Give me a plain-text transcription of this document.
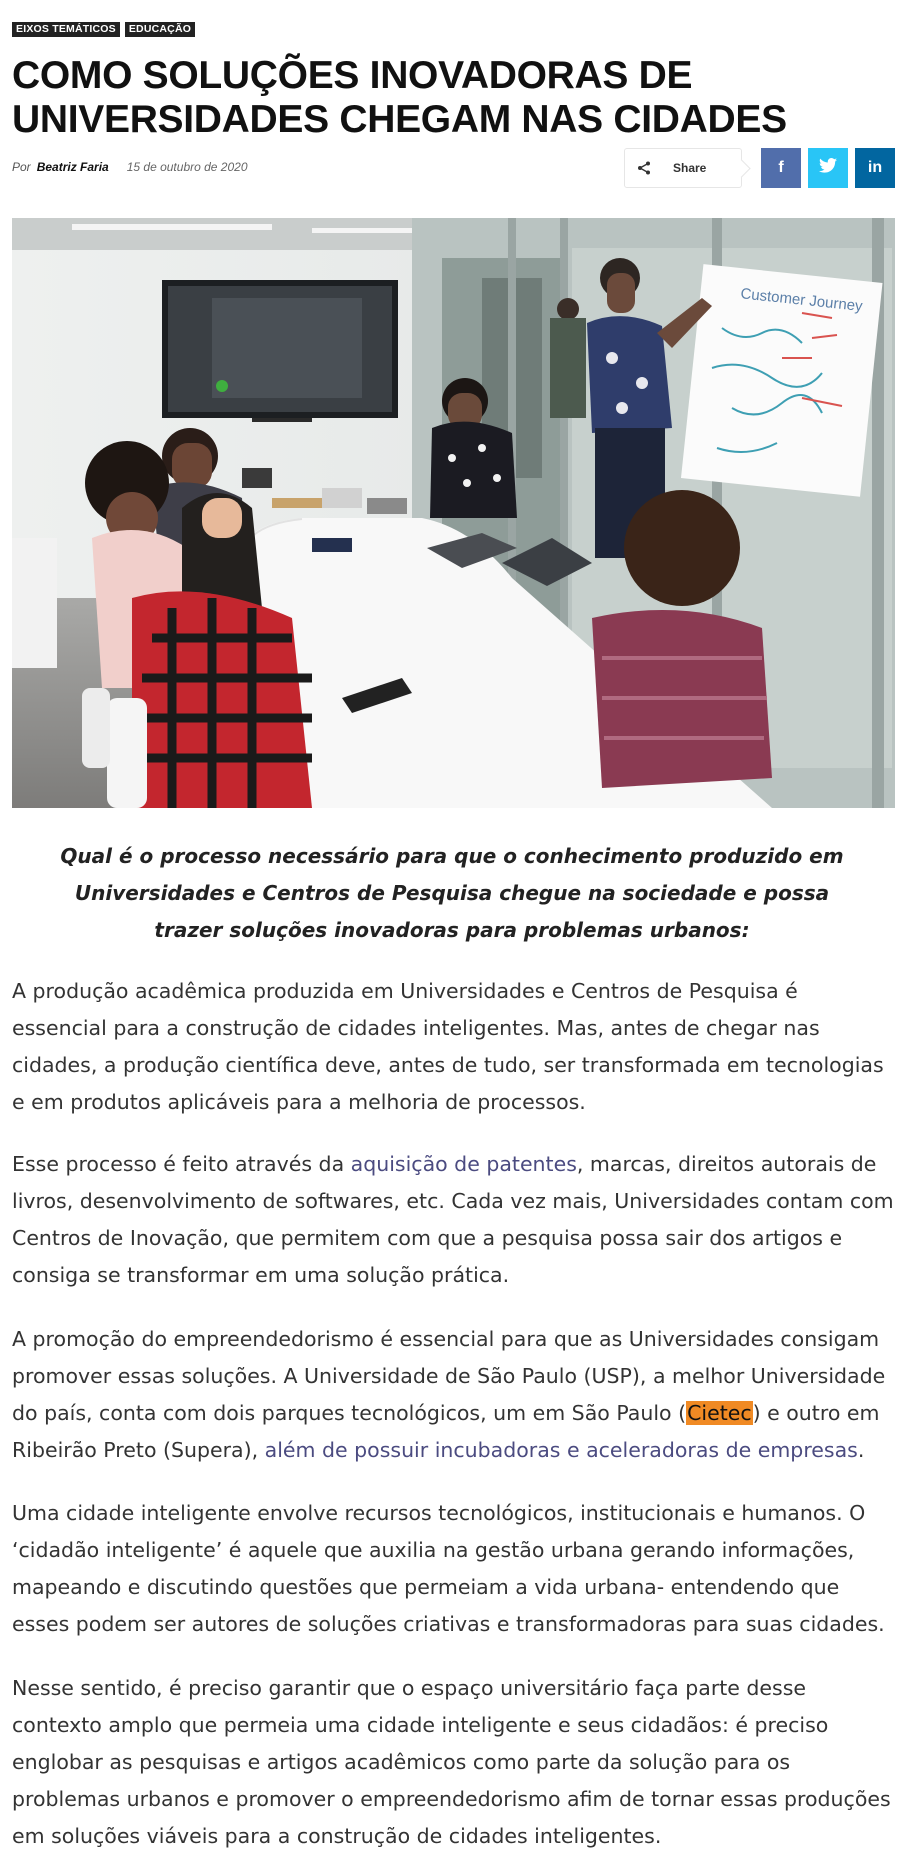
EIXOS TEMÁTICOS	EDUCAÇÃO
COMO SOLUÇÕES INOVADORAS DE UNIVERSIDADES CHEGAM NAS CIDADES
Por Beatriz Faria 15 de outubro de 2020	Share	f	in
Customer Journey

Qual é o processo necessário para que o conhecimento produzido em Universidades e Centros de Pesquisa chegue na sociedade e possa trazer soluções inovadoras para problemas urbanos:

A produção acadêmica produzida em Universidades e Centros de Pesquisa é essencial para a construção de cidades inteligentes. Mas, antes de chegar nas cidades, a produção científica deve, antes de tudo, ser transformada em tecnologias e em produtos aplicáveis para a melhoria de processos.

Esse processo é feito através da aquisição de patentes, marcas, direitos autorais de livros, desenvolvimento de softwares, etc. Cada vez mais, Universidades contam com Centros de Inovação, que permitem com que a pesquisa possa sair dos artigos e consiga se transformar em uma solução prática.

A promoção do empreendedorismo é essencial para que as Universidades consigam promover essas soluções. A Universidade de São Paulo (USP), a melhor Universidade do país, conta com dois parques tecnológicos, um em São Paulo (Cietec) e outro em Ribeirão Preto (Supera), além de possuir incubadoras e aceleradoras de empresas.

Uma cidade inteligente envolve recursos tecnológicos, institucionais e humanos. O ‘cidadão inteligente’ é aquele que auxilia na gestão urbana gerando informações, mapeando e discutindo questões que permeiam a vida urbana- entendendo que esses podem ser autores de soluções criativas e transformadoras para suas cidades.

Nesse sentido, é preciso garantir que o espaço universitário faça parte desse contexto amplo que permeia uma cidade inteligente e seus cidadãos: é preciso englobar as pesquisas e artigos acadêmicos como parte da solução para os problemas urbanos e promover o empreendedorismo afim de tornar essas produções em soluções viáveis para a construção de cidades inteligentes.
